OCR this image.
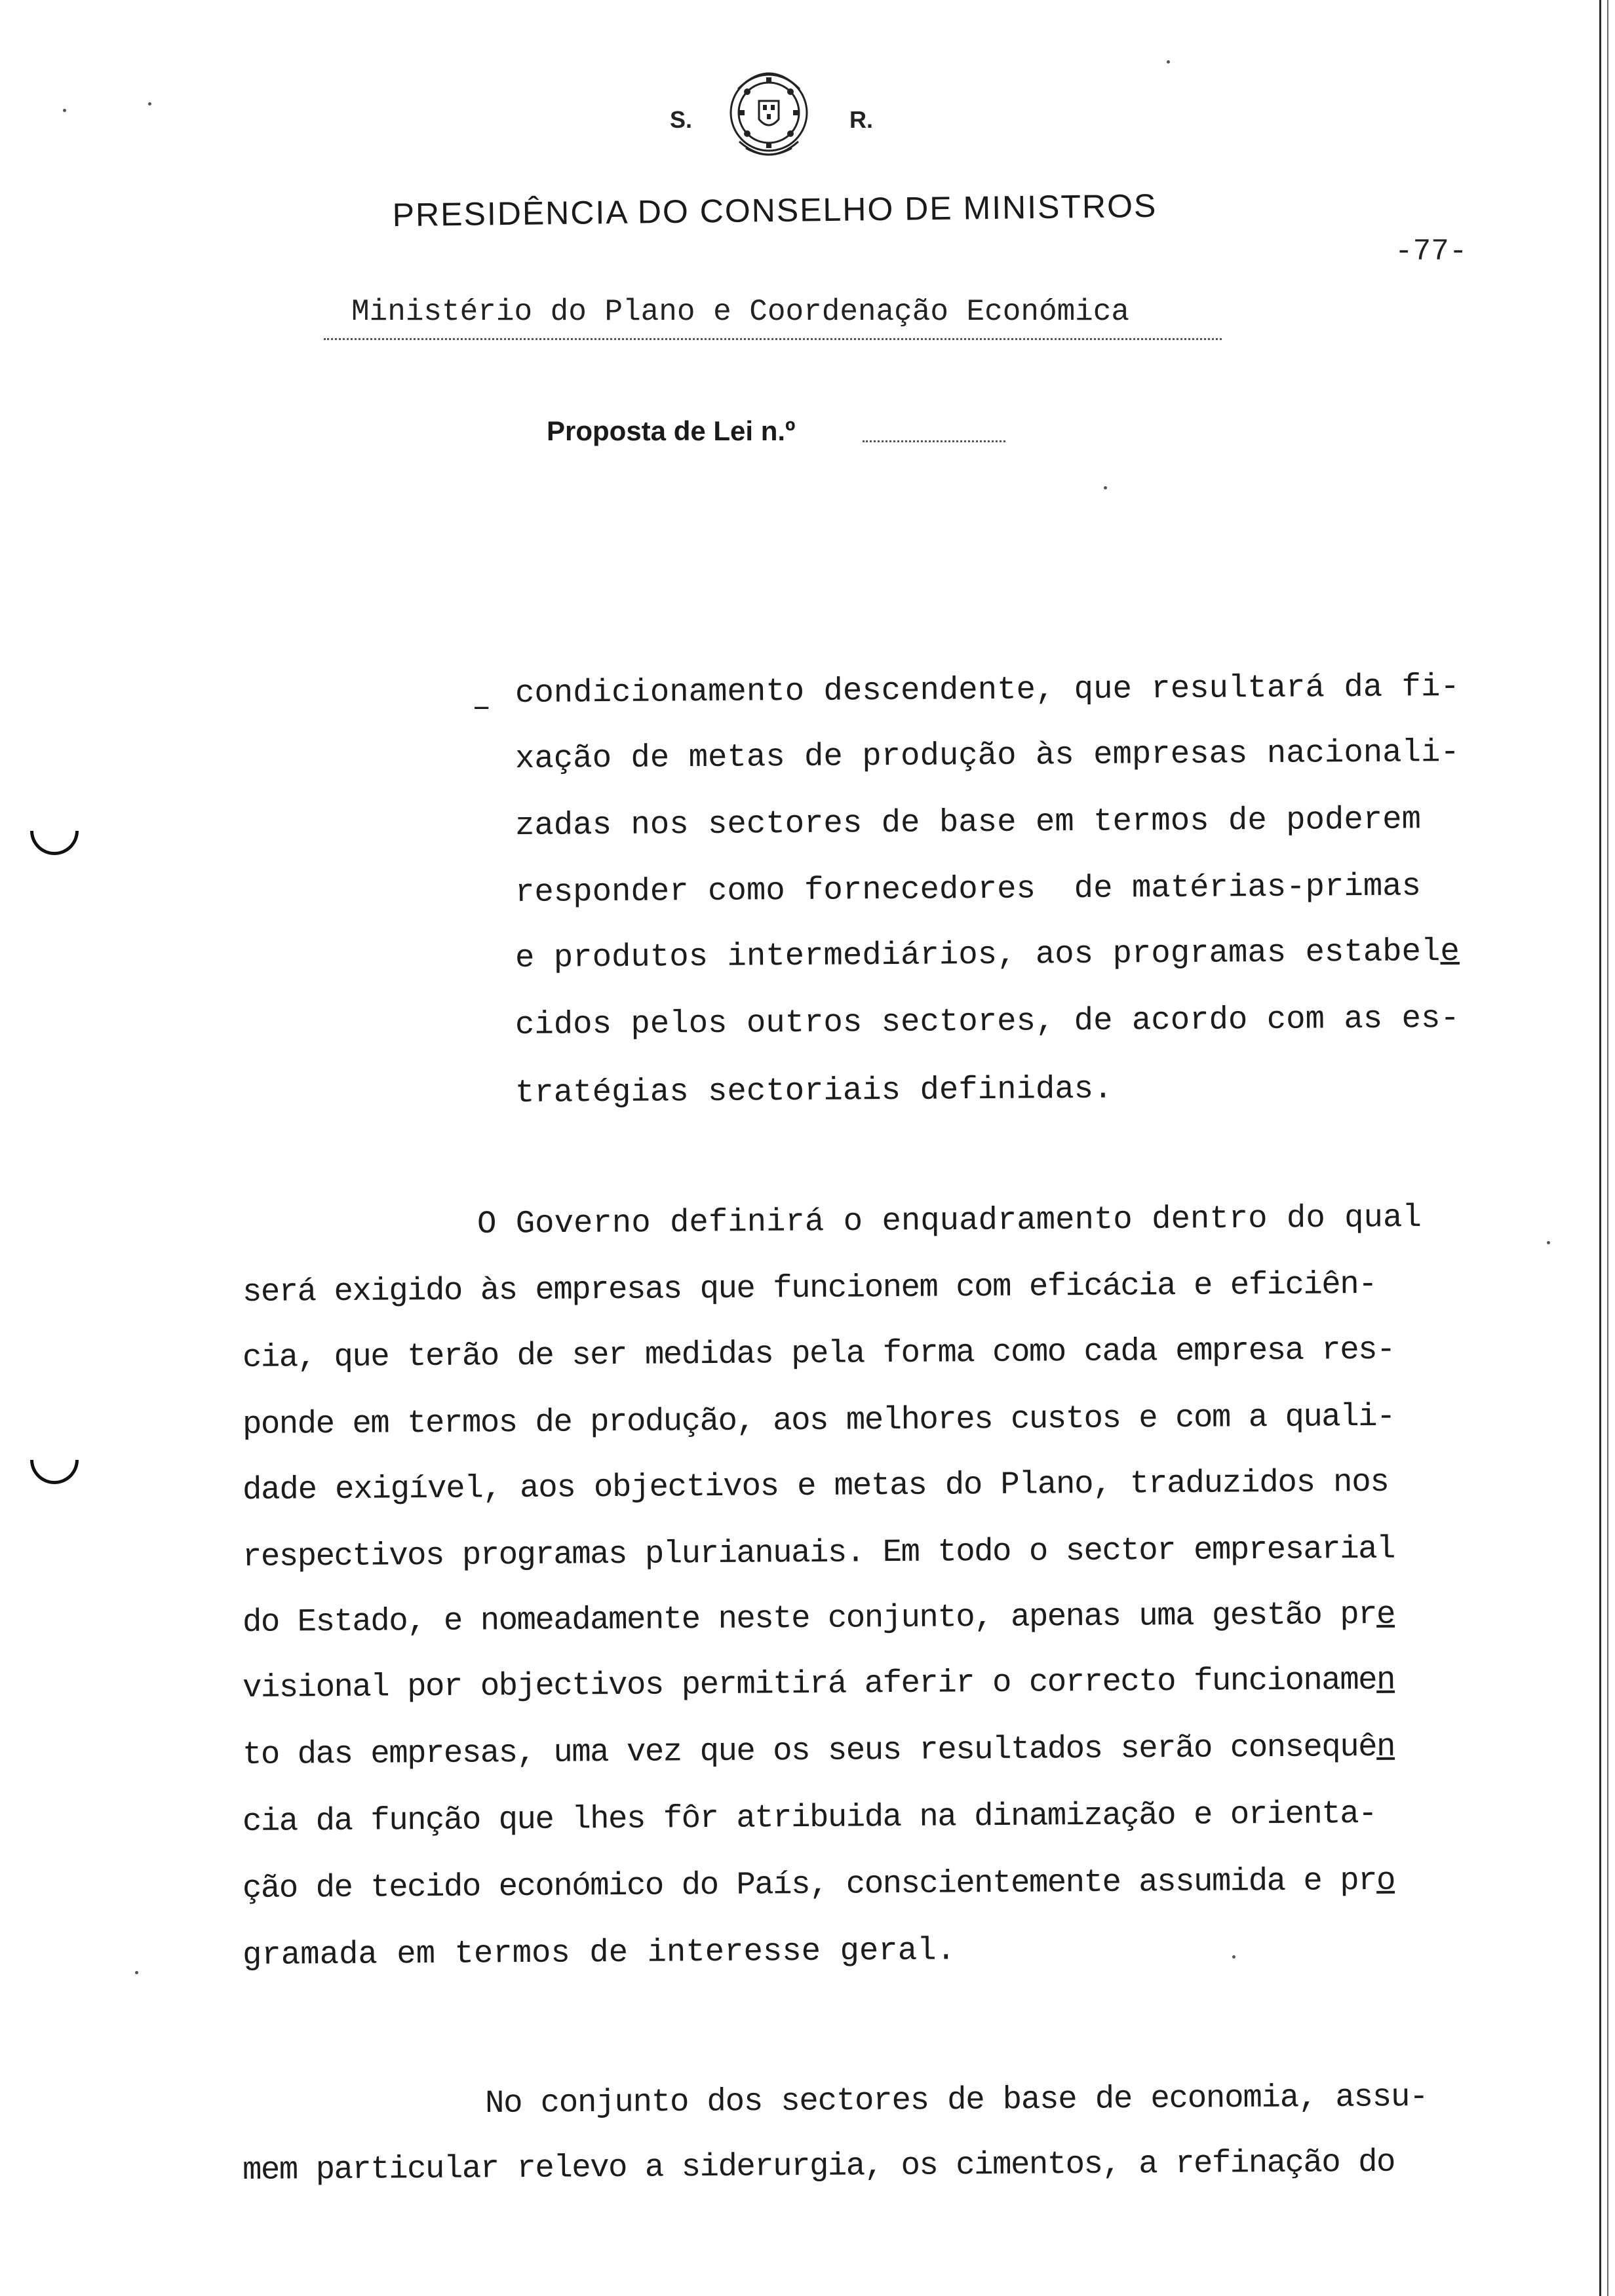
S.	R.
PRESIDÊNCIA DO CONSELHO DE MINISTROS
-77-
Ministério do Plano e Coordenação Económica
Proposta de Lei n.º
– condicionamento descendente, que resultará da fi-

xação de metas de produção às empresas nacionali-

zadas nos sectores de base em termos de poderem

responder como fornecedores  de matérias-primas

e produtos intermediários, aos programas estabele

cidos pelos outros sectores, de acordo com as es-

tratégias sectoriais definidas.

O Governo definirá o enquadramento dentro do qual

será exigido às empresas que funcionem com eficácia e eficiên-

cia, que terão de ser medidas pela forma como cada empresa res-

ponde em termos de produção, aos melhores custos e com a quali-

dade exigível, aos objectivos e metas do Plano, traduzidos nos

respectivos programas plurianuais. Em todo o sector empresarial

do Estado, e nomeadamente neste conjunto, apenas uma gestão pre

visional por objectivos permitirá aferir o correcto funcionamen

to das empresas, uma vez que os seus resultados serão consequên

cia da função que lhes fôr atribuida na dinamização e orienta-

ção de tecido económico do País, conscientemente assumida e pro

gramada em termos de interesse geral.

No conjunto dos sectores de base de economia, assu-

mem particular relevo a siderurgia, os cimentos, a refinação do
